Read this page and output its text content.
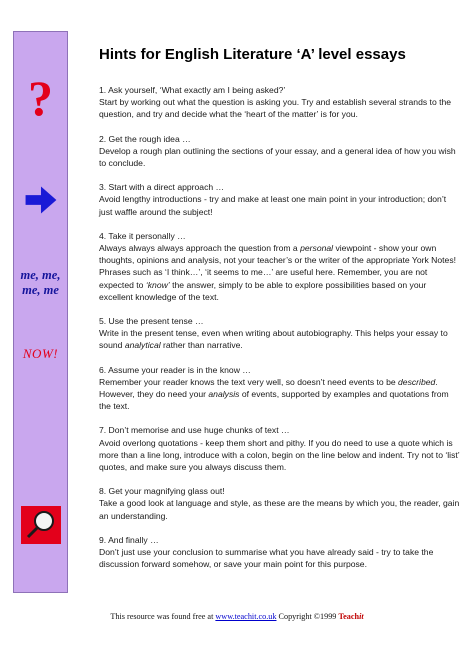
?
me, me,
me, me
NOW!
Hints for English Literature ‘A’ level essays
1. Ask yourself, ‘What exactly am I being asked?’
Start by working out what the question is asking you. Try and establish several strands to the question, and try and decide what the ‘heart of the matter’ is for you.
2. Get the rough idea …
Develop a rough plan outlining the sections of your essay, and a general idea of how you wish to conclude.
3. Start with a direct approach …
Avoid lengthy introductions - try and make at least one main point in your introduction; don’t just waffle around the subject!
4. Take it personally …
Always always always approach the question from a personal viewpoint - show your own thoughts, opinions and analysis, not your teacher’s or the writer of the appropriate York Notes! Phrases such as ‘I think…’, ‘it seems to me…’ are useful here. Remember, you are not expected to ‘know’ the answer, simply to be able to explore possibilities based on your excellent knowledge of the text.
5. Use the present tense …
Write in the present tense, even when writing about autobiography. This helps your essay to sound analytical rather than narrative.
6. Assume your reader is in the know …
Remember your reader knows the text very well, so doesn’t need events to be described. However, they do need your analysis of events, supported by examples and quotations from the text.
7. Don’t memorise and use huge chunks of text …
Avoid overlong quotations - keep them short and pithy. If you do need to use a quote which is more than a line long, introduce with a colon, begin on the line below and indent. Try not to ‘list’ quotes, and make sure you always discuss them.
8. Get your magnifying glass out!
Take a good look at language and style, as these are the means by which you, the reader, gain an understanding.
9. And finally …
Don’t just use your conclusion to summarise what you have already said - try to take the discussion forward somehow, or save your main point for this purpose.
This resource was found free at www.teachit.co.uk Copyright ©1999 Teachit
